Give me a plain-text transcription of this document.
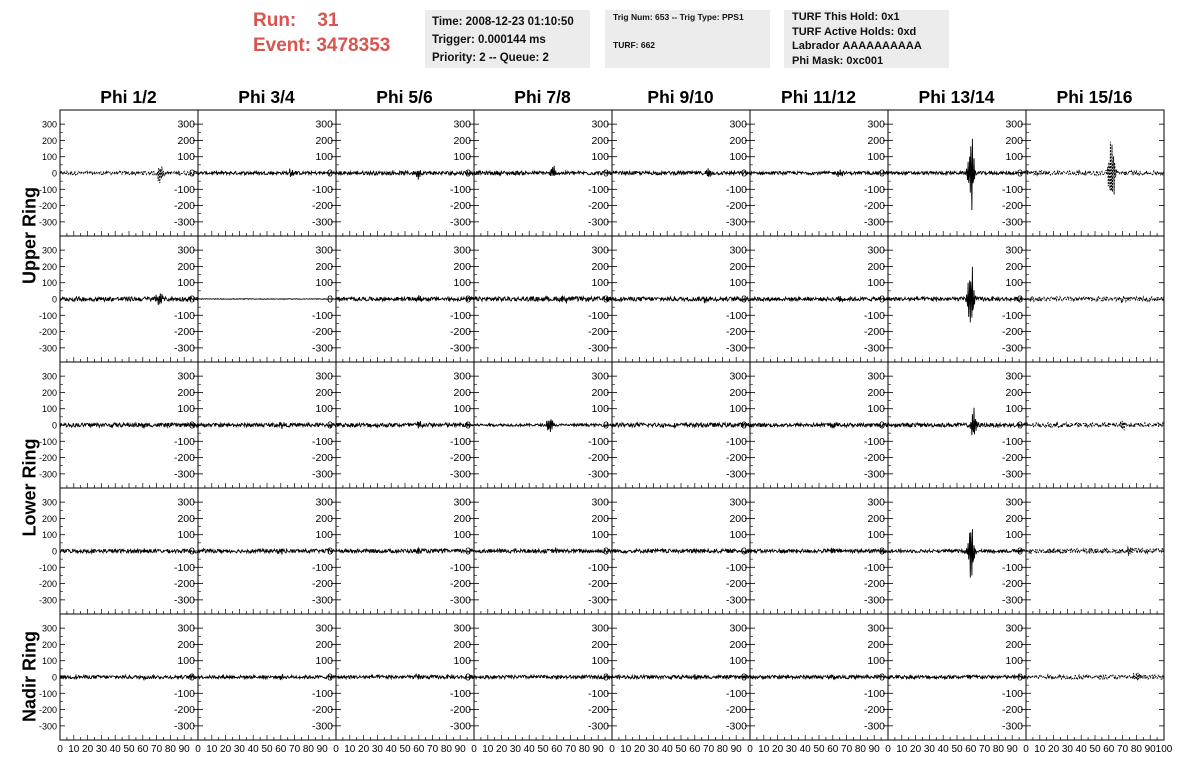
Run: 31
Event: 3478353
Time: 2008-12-23 01:10:50
Trigger: 0.000144 ms
Priority: 2 -- Queue: 2
Trig Num: 653 -- Trig Type: PPS1
TURF: 662
TURF This Hold: 0x1
TURF Active Holds: 0xd
Labrador AAAAAAAAAA
Phi Mask: 0xc001
Phi 1/2	Phi 3/4	Phi 5/6	Phi 7/8	Phi 9/10	Phi 11/12	Phi 13/14	Phi 15/16
Upper Ring
Lower Ring
Nadir Ring
-300
-200
-100
0
100
200
300
-300
-200
-100
0
100
200
300
-300
-200
-100
0
100
200
300
-300
-200
-100
0
100
200
300
-300
-200
-100
0
100
200
300
-300
-200
-100
0
100
200
300
-300
-200
-100
0
100
200
300
-300
-200
-100
0
100
200
300
-300
-200
-100
0
100
200
300
-300
-200
-100
0
100
200
300
-300
-200
-100
0
100
200
300
-300
-200
-100
0
100
200
300
-300
-200
-100
0
100
200
300
-300
-200
-100
0
100
200
300
-300
-200
-100
0
100
200
300
-300
-200
-100
0
100
200
300
-300
-200
-100
0
100
200
300
-300
-200
-100
0
100
200
300
-300
-200
-100
0
100
200
300
-300
-200
-100
0
100
200
300
-300
-200
-100
0
100
200
300
-300
-200
-100
0
100
200
300
-300
-200
-100
0
100
200
300
-300
-200
-100
0
100
200
300
-300
-200
-100
0
100
200
300
-300
-200
-100
0
100
200
300
-300
-200
-100
0
100
200
300
-300
-200
-100
0
100
200
300
-300
-200
-100
0
100
200
300
-300
-200
-100
0
100
200
300
-300
-200
-100
0
100
200
300
-300
-200
-100
0
100
200
300
-300
-200
-100
0
100
200
300
0 10 20 30 40 50 60 70 80 90
-300
-200
-100
0
100
200
300
0 10 20 30 40 50 60 70 80 90
-300
-200
-100
0
100
200
300
0 10 20 30 40 50 60 70 80 90
-300
-200
-100
0
100
200
300
0 10 20 30 40 50 60 70 80 90
-300
-200
-100
0
100
200
300
0 10 20 30 40 50 60 70 80 90
-300
-200
-100
0
100
200
300
0 10 20 30 40 50 60 70 80 90
-300
-200
-100
0
100
200
300
0 10 20 30 40 50 60 70 80 90
-300
-200
-100
0
100
200
300
0 10 20 30 40 50 60 70 80 90 100
